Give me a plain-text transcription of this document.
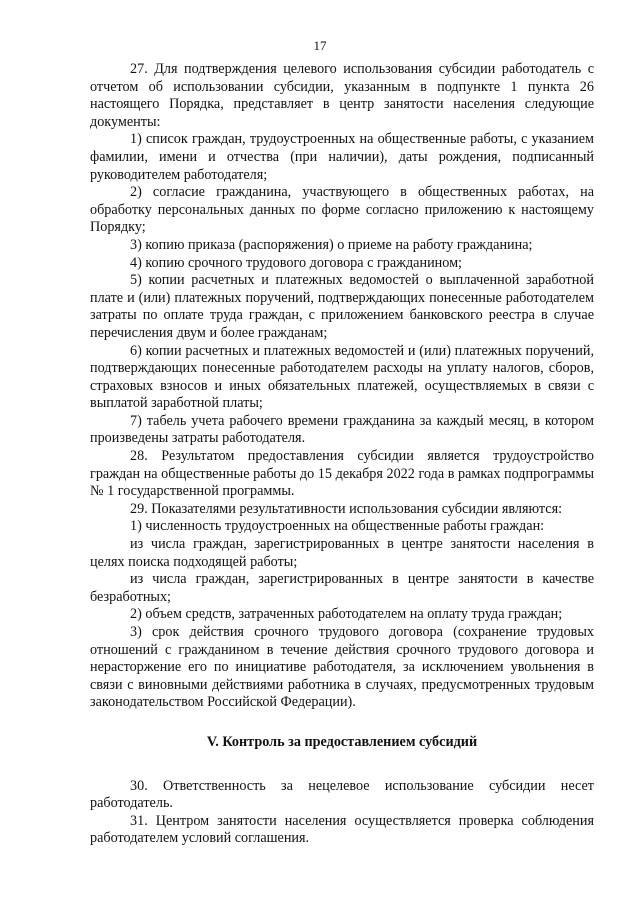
17

27. Для подтверждения целевого использования субсидии работодатель с отчетом об использовании субсидии, указанным в подпункте 1 пункта 26 настоящего Порядка, представляет в центр занятости населения следующие документы:

1) список граждан, трудоустроенных на общественные работы, с указанием фамилии, имени и отчества (при наличии), даты рождения, подписанный руководителем работодателя;

2) согласие гражданина, участвующего в общественных работах, на обработку персональных данных по форме согласно приложению к настоящему Порядку;

3) копию приказа (распоряжения) о приеме на работу гражданина;

4) копию срочного трудового договора с гражданином;

5) копии расчетных и платежных ведомостей о выплаченной заработной плате и (или) платежных поручений, подтверждающих понесенные работодателем затраты по оплате труда граждан, с приложением банковского реестра в случае перечисления двум и более гражданам;

6) копии расчетных и платежных ведомостей и (или) платежных поручений, подтверждающих понесенные работодателем расходы на уплату налогов, сборов, страховых взносов и иных обязательных платежей, осуществляемых в связи с выплатой заработной платы;

7) табель учета рабочего времени гражданина за каждый месяц, в котором произведены затраты работодателя.

28. Результатом предоставления субсидии является трудоустройство граждан на общественные работы до 15 декабря 2022 года в рамках подпрограммы № 1 государственной программы.

29. Показателями результативности использования субсидии являются:

1) численность трудоустроенных на общественные работы граждан:

из числа граждан, зарегистрированных в центре занятости населения в целях поиска подходящей работы;

из числа граждан, зарегистрированных в центре занятости в качестве безработных;

2) объем средств, затраченных работодателем на оплату труда граждан;

3) срок действия срочного трудового договора (сохранение трудовых отношений с гражданином в течение действия срочного трудового договора и нерасторжение его по инициативе работодателя, за исключением увольнения в связи с виновными действиями работника в случаях, предусмотренных трудовым законодательством Российской Федерации).

V. Контроль за предоставлением субсидий

30. Ответственность за нецелевое использование субсидии несет работодатель.

31. Центром занятости населения осуществляется проверка соблюдения работодателем условий соглашения.
